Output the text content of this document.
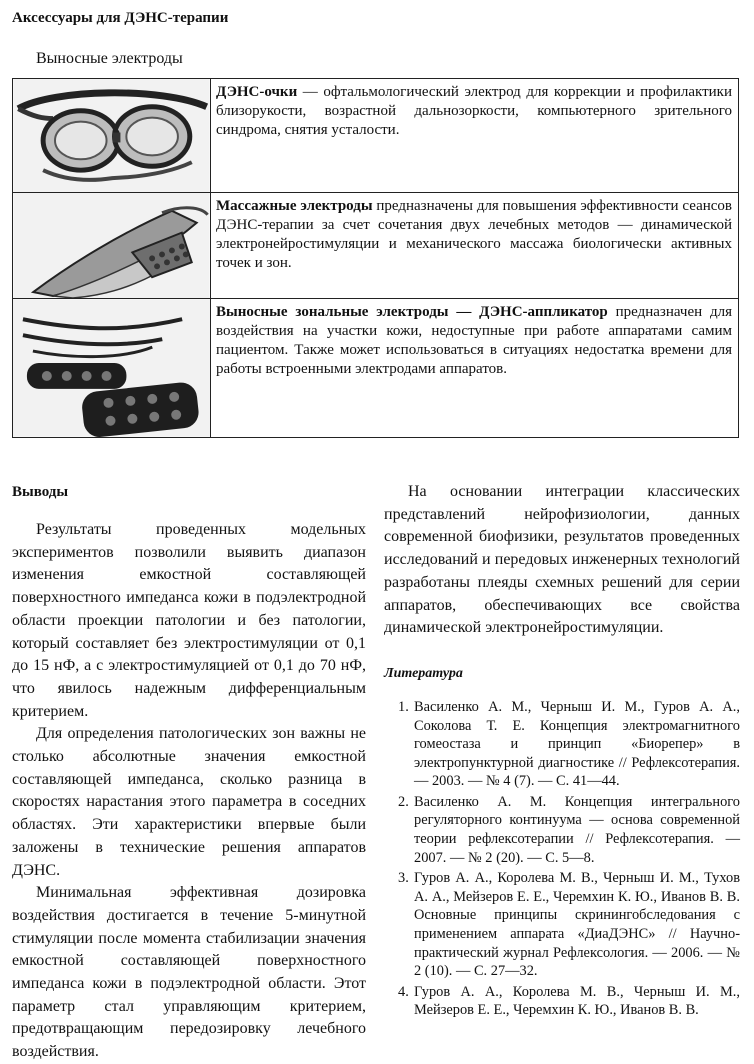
Аксессуары для ДЭНС-терапии
Выносные электроды
ДЭНС-очки — офтальмологический электрод для коррекции и профилактики близорукости, возрастной дальнозоркости, компьютерного зрительного синдрома, снятия усталости.
Массажные электроды предназначены для повышения эффективности сеансов ДЭНС-терапии за счет сочетания двух лечебных методов — динамической электронейростимуляции и механического массажа биологически активных точек и зон.
Выносные зональные электроды — ДЭНС-аппликатор предназначен для воздействия на участки кожи, недоступные при работе аппаратами самим пациентом. Также может использоваться в ситуациях недостатка времени для работы встроенными электродами аппаратов.
Выводы

Результаты проведенных модельных экспериментов позволили выявить диапазон изменения емкостной составляющей поверхностного импеданса кожи в подэлектродной области проекции патологии и без патологии, который составляет без электростимуляции от 0,1 до 15 нФ, а с электростимуляцией от 0,1 до 70 нФ, что явилось надежным дифференциальным критерием.

Для определения патологических зон важны не столько абсолютные значения емкостной составляющей импеданса, сколько разница в скоростях нарастания этого параметра в соседних областях. Эти характеристики впервые были заложены в технические решения аппаратов ДЭНС.

Минимальная эффективная дозировка воздействия достигается в течение 5-минутной стимуляции после момента стабилизации значения емкостной составляющей поверхностного импеданса кожи в подэлектродной области. Этот параметр стал управляющим критерием, предотвращающим передозировку лечебного воздействия.

На основании интеграции классических представлений нейрофизиологии, данных современной биофизики, результатов проведенных исследований и передовых инженерных технологий разработаны плеяды схемных решений для серии аппаратов, обеспечивающих все свойства динамической электронейростимуляции.

Литература
1. Василенко А. М., Черныш И. М., Гуров А. А., Соколова Т. Е. Концепция электромагнитного гомеостаза и принцип «Биорепер» в электропунктурной диагностике // Рефлексотерапия. — 2003. — № 4 (7). — С. 41—44.
2. Василенко А. М. Концепция интегрального регуляторного континуума — основа современной теории рефлексотерапии // Рефлексотерапия. — 2007. — № 2 (20). — С. 5—8.
3. Гуров А. А., Королева М. В., Черныш И. М., Тухов А. А., Мейзеров Е. Е., Черемхин К. Ю., Иванов В. В. Основные принципы скринингобследования с применением аппарата «ДиаДЭНС» // Научно-практический журнал Рефлексология. — 2006. — № 2 (10). — С. 27—32.
4. Гуров А. А., Королева М. В., Черныш И. М., Мейзеров Е. Е., Черемхин К. Ю., Иванов В. В.
